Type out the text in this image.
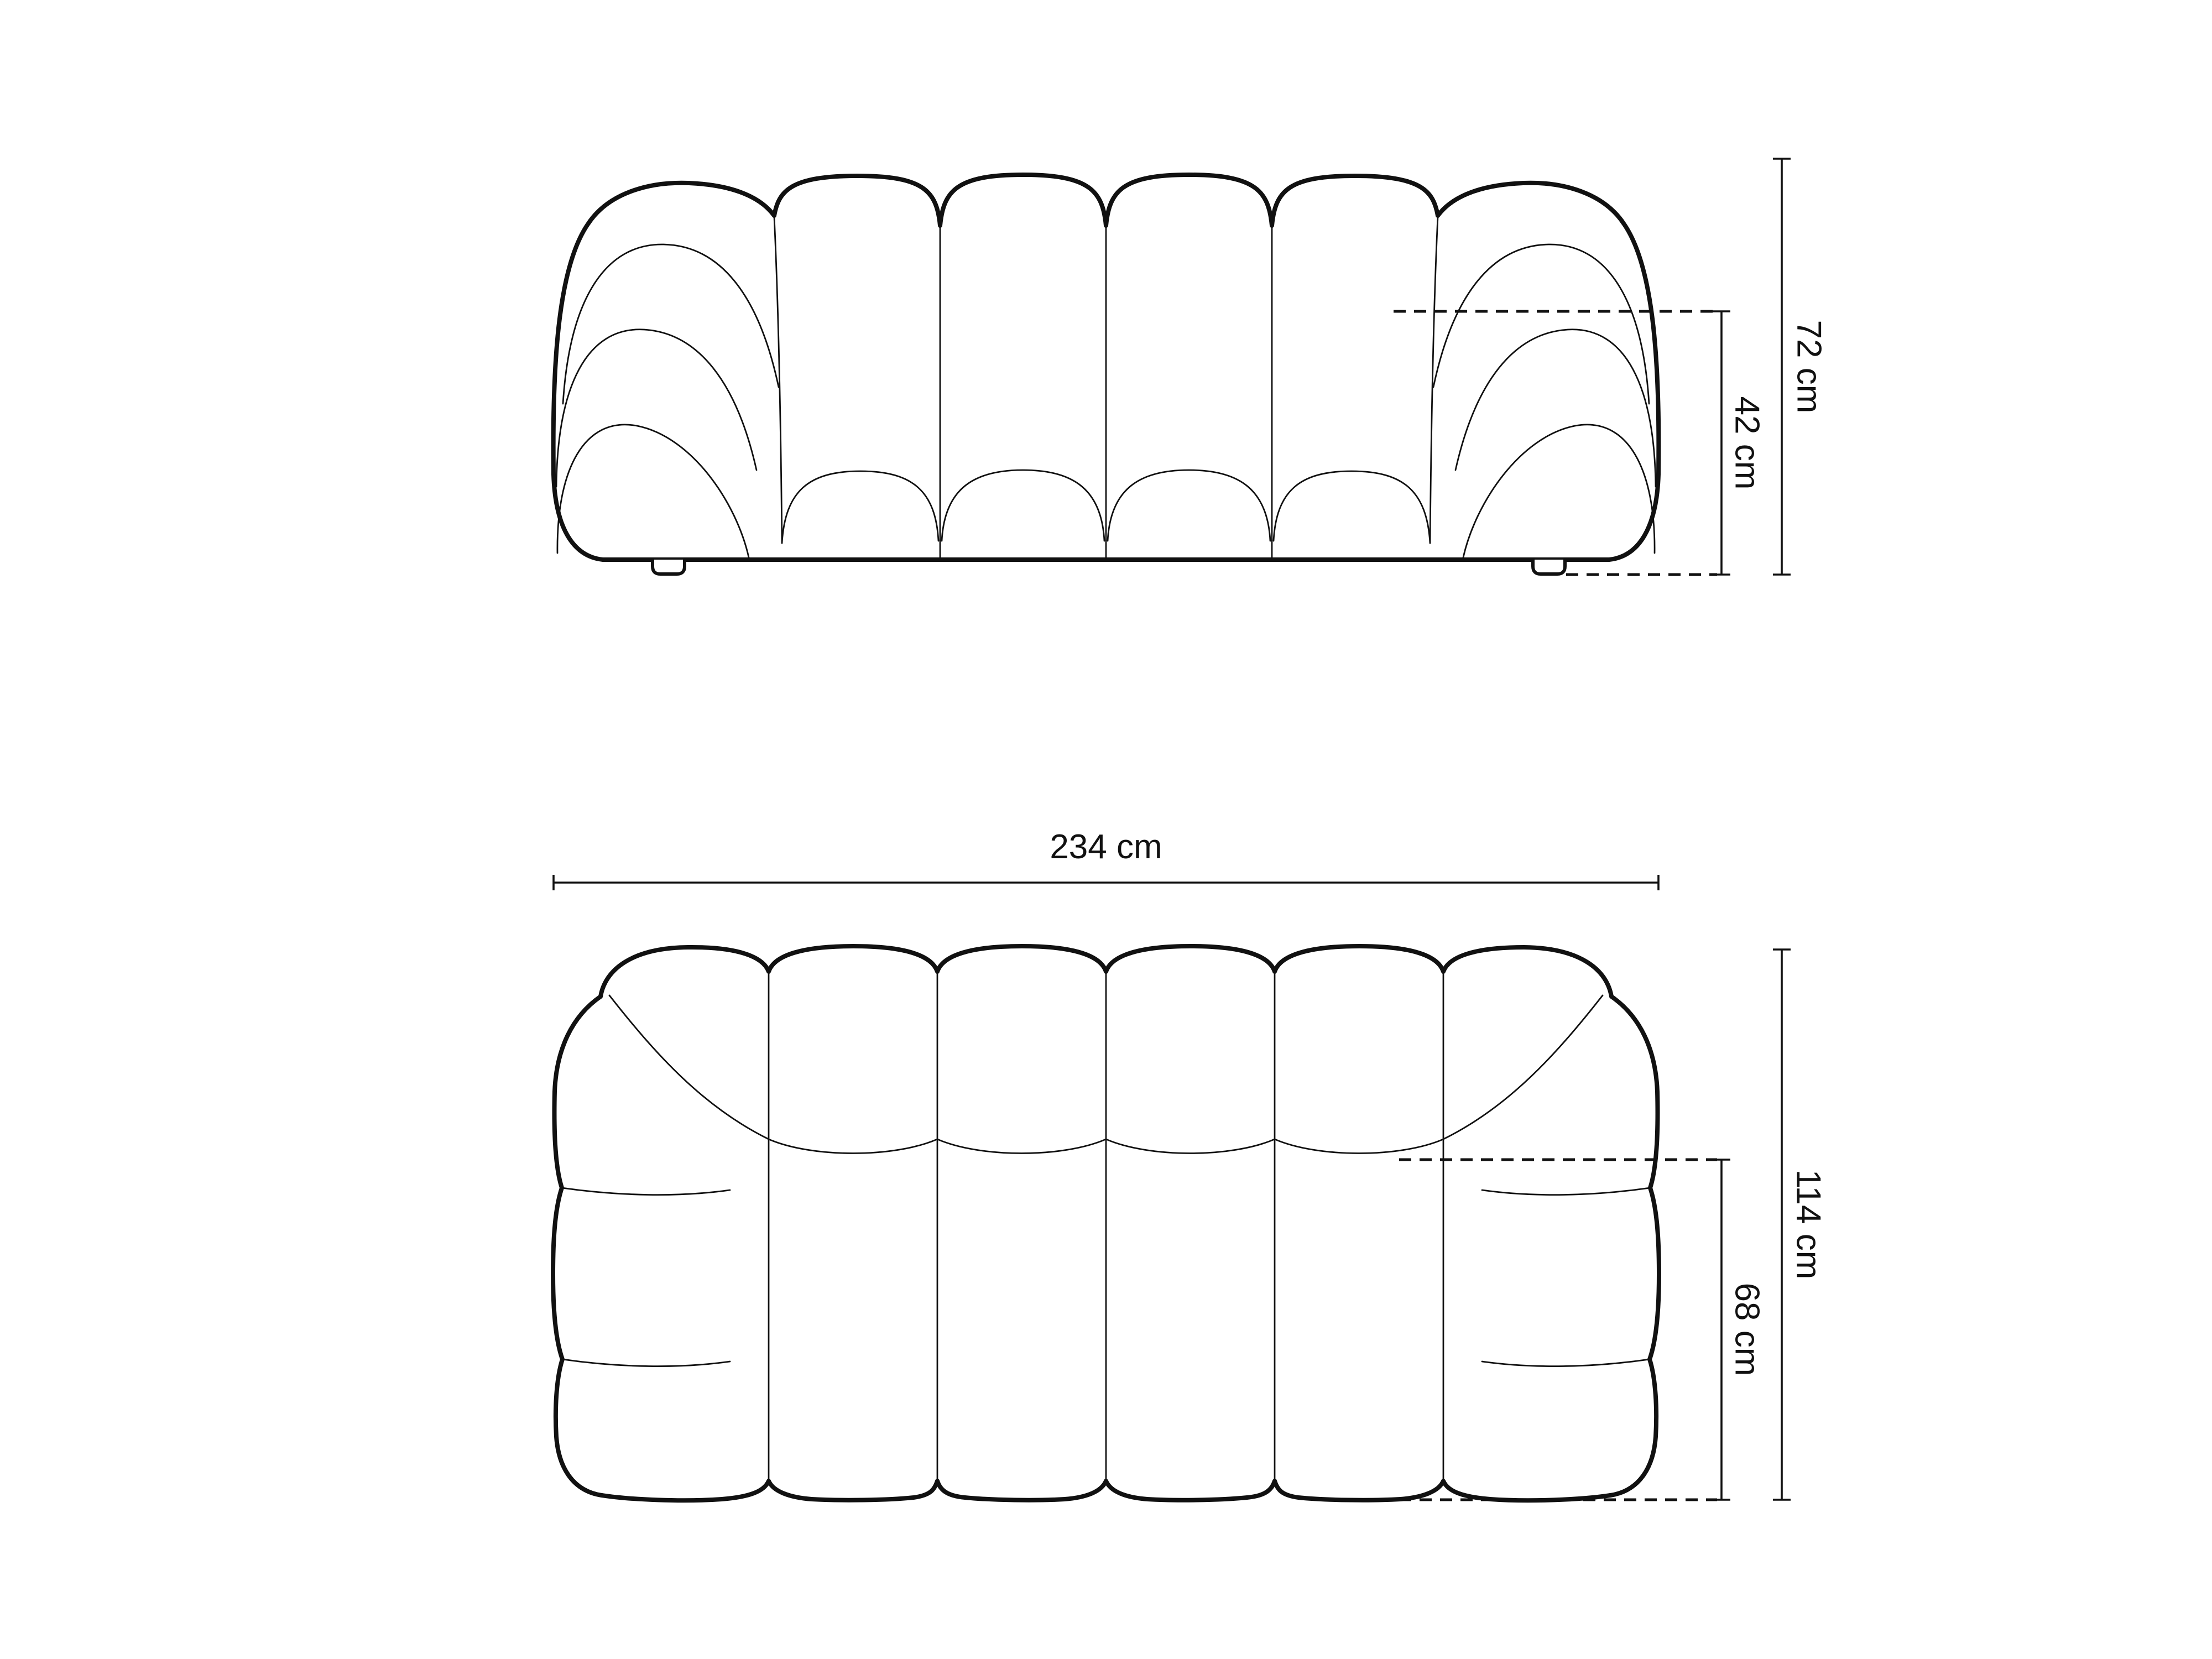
72 cm
42 cm
234 cm
114 cm
68 cm
